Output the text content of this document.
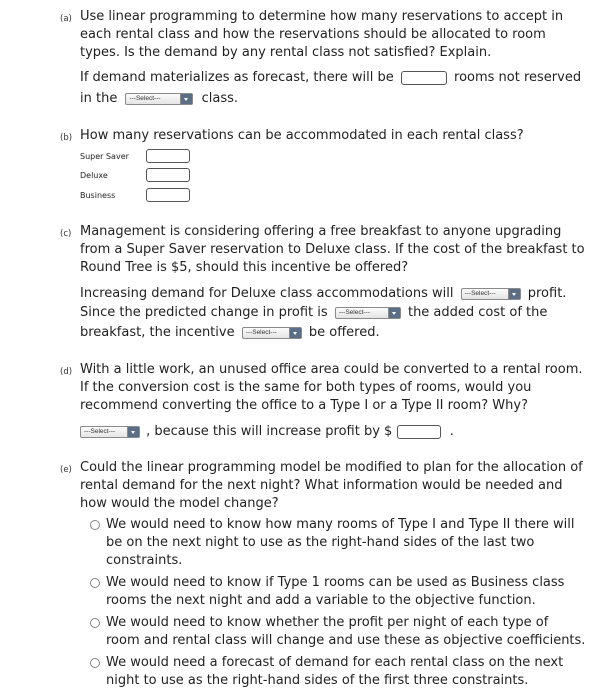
(a) Use linear programming to determine how many reservations to accept in each rental class and how the reservations should be allocated to room types. Is the demand by any rental class not satisfied? Explain.
If demand materializes as forecast, there will be	rooms not reserved
in the ---Select---	class.
(b) How many reservations can be accommodated in each rental class?
Super Saver
Deluxe
Business
(c) Management is considering offering a free breakfast to anyone upgrading from a Super Saver reservation to Deluxe class. If the cost of the breakfast to Round Tree is $5, should this incentive be offered?
Increasing demand for Deluxe class accommodations will ---Select--- profit.
Since the predicted change in profit is ---Select---	the added cost of the
breakfast, the incentive ---Select--- be offered.
(d) With a little work, an unused office area could be converted to a rental room. If the conversion cost is the same for both types of rooms, would you recommend converting the office to a Type I or a Type II room? Why?
---Select--- , because this will increase profit by $	.
(e) Could the linear programming model be modified to plan for the allocation of rental demand for the next night? What information would be needed and how would the model change?
We would need to know how many rooms of Type I and Type II there will be on the next night to use as the right-hand sides of the last two constraints.
We would need to know if Type 1 rooms can be used as Business class rooms the next night and add a variable to the objective function.
We would need to know whether the profit per night of each type of room and rental class will change and use these as objective coefficients.
We would need a forecast of demand for each rental class on the next night to use as the right-hand sides of the first three constraints.
